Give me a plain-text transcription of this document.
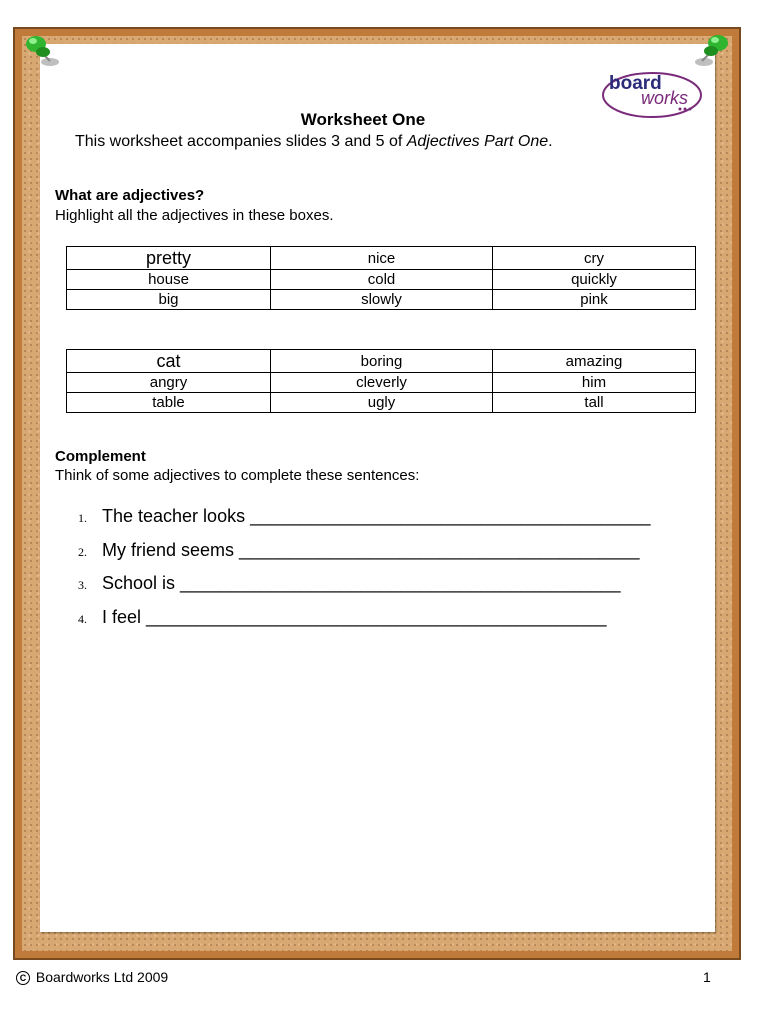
board
works
Worksheet One
This worksheet accompanies slides 3 and 5 of Adjectives Part One.
What are adjectives?
Highlight all the adjectives in these boxes.
pretty	nice	cry
house	cold	quickly
big	slowly	pink
cat	boring	amazing
angry	cleverly	him
table	ugly	tall
Complement
Think of some adjectives to complete these sentences:
1. The teacher looks ________________________________________
2. My friend seems ________________________________________
3. School is ____________________________________________
4. I feel ______________________________________________
C Boardworks Ltd 2009	1
